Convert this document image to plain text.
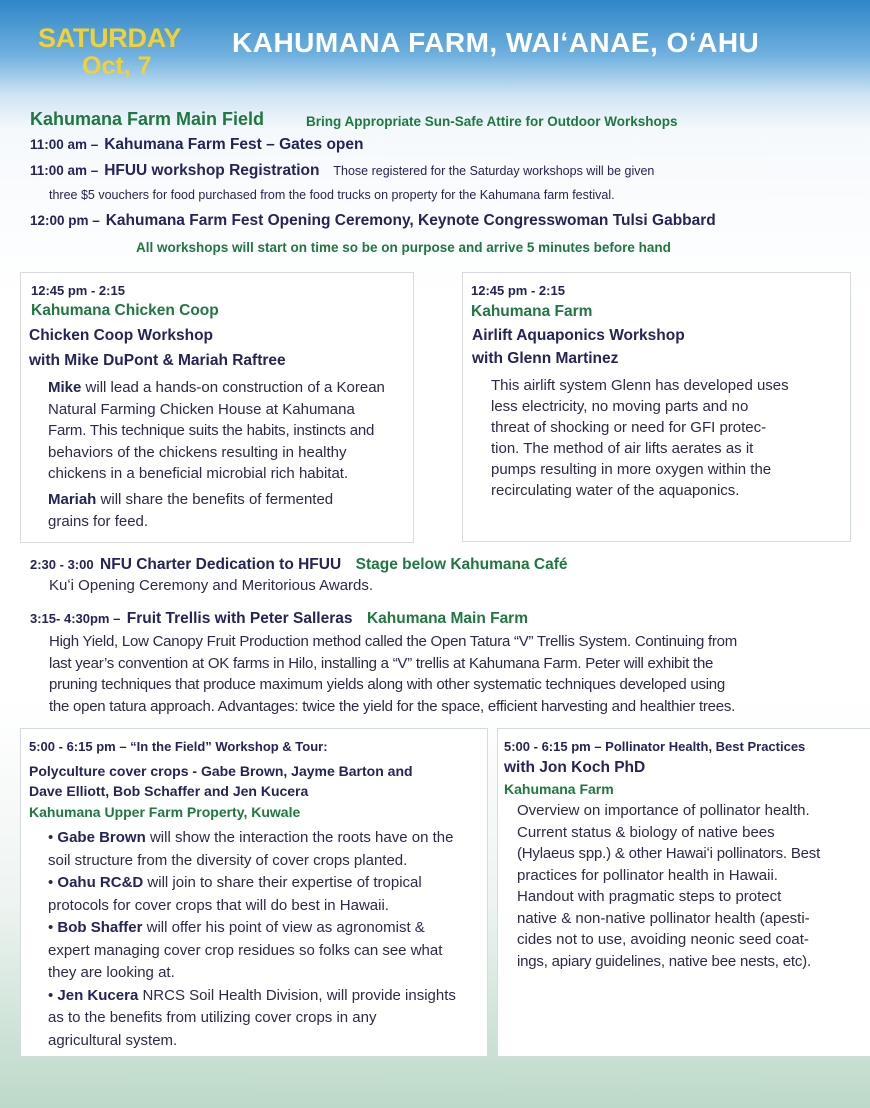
SATURDAY
Oct, 7
KAHUMANA FARM, WAIʻANAE, OʻAHU
Kahumana Farm Main Field	Bring Appropriate Sun-Safe Attire for Outdoor Workshops
11:00 am – Kahumana Farm Fest – Gates open
11:00 am – HFUU workshop Registration Those registered for the Saturday workshops will be given
three $5 vouchers for food purchased from the food trucks on property for the Kahumana farm festival.
12:00 pm – Kahumana Farm Fest Opening Ceremony, Keynote Congresswoman Tulsi Gabbard
All workshops will start on time so be on purpose and arrive 5 minutes before hand
12:45 pm - 2:15
Kahumana Chicken Coop
Chicken Coop Workshop
with Mike DuPont & Mariah Raftree
Mike will lead a hands-on construction of a Korean
Natural Farming Chicken House at Kahumana
Farm. This technique suits the habits, instincts and
behaviors of the chickens resulting in healthy
chickens in a beneficial microbial rich habitat.
Mariah will share the benefits of fermented
grains for feed.
12:45 pm - 2:15
Kahumana Farm
Airlift Aquaponics Workshop
with Glenn Martinez
This airlift system Glenn has developed uses
less electricity, no moving parts and no
threat of shocking or need for GFI protec-
tion. The method of air lifts aerates as it
pumps resulting in more oxygen within the
recirculating water of the aquaponics.
2:30 - 3:00 NFU Charter Dedication to HFUU Stage below Kahumana Café
Kuʻi Opening Ceremony and Meritorious Awards.
3:15- 4:30pm – Fruit Trellis with Peter Salleras Kahumana Main Farm
High Yield, Low Canopy Fruit Production method called the Open Tatura “V” Trellis System. Continuing from
last year’s convention at OK farms in Hilo, installing a “V” trellis at Kahumana Farm. Peter will exhibit the
pruning techniques that produce maximum yields along with other systematic techniques developed using
the open tatura approach. Advantages: twice the yield for the space, efficient harvesting and healthier trees.
5:00 - 6:15 pm – “In the Field” Workshop & Tour:
Polyculture cover crops - Gabe Brown, Jayme Barton and
Dave Elliott, Bob Schaffer and Jen Kucera
Kahumana Upper Farm Property, Kuwale
• Gabe Brown will show the interaction the roots have on the
soil structure from the diversity of cover crops planted.
• Oahu RC&D will join to share their expertise of tropical
protocols for cover crops that will do best in Hawaii.
• Bob Shaffer will offer his point of view as agronomist &
expert managing cover crop residues so folks can see what
they are looking at.
• Jen Kucera NRCS Soil Health Division, will provide insights
as to the benefits from utilizing cover crops in any
agricultural system.
5:00 - 6:15 pm – Pollinator Health, Best Practices
with Jon Koch PhD
Kahumana Farm
Overview on importance of pollinator health.
Current status & biology of native bees
(Hylaeus spp.) & other Hawaiʻi pollinators. Best
practices for pollinator health in Hawaii.
Handout with pragmatic steps to protect
native & non-native pollinator health (apesti-
cides not to use, avoiding neonic seed coat-
ings, apiary guidelines, native bee nests, etc).
